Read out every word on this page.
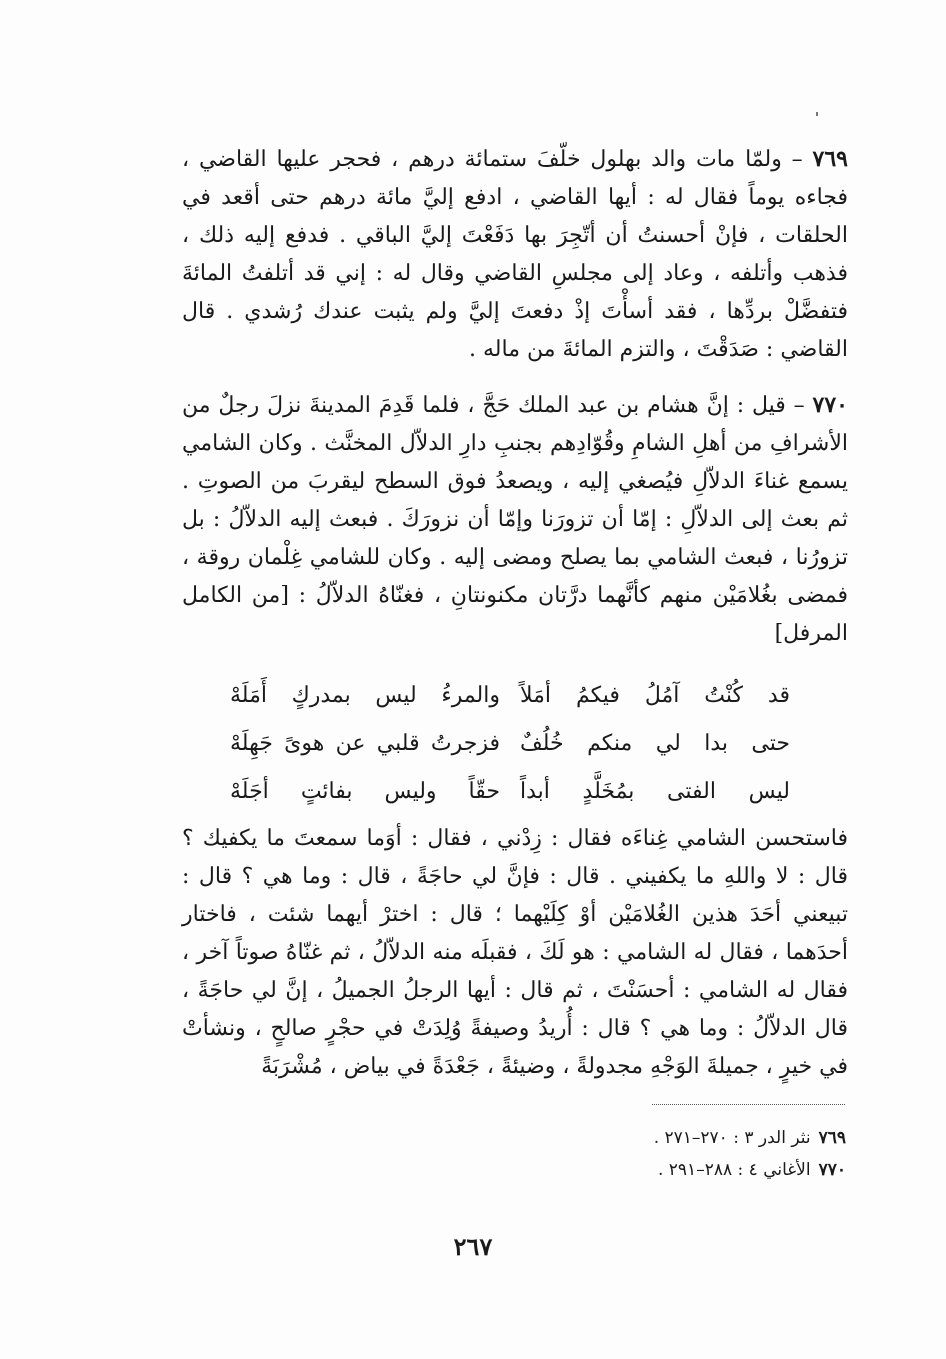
٧٦٩ – ولمّا مات والد بهلول خلّفَ ستمائة درهم ، فحجر عليها القاضي ، فجاءه يوماً فقال له : أيها القاضي ، ادفع إليَّ مائة درهم حتى أقعد في الحلقات ، فإنْ أحسنتُ أن أتّجِرَ بها دَفَعْتَ إليَّ الباقي . فدفع إليه ذلك ، فذهب وأتلفه ، وعاد إلى مجلسِ القاضي وقال له : إني قد أتلفتُ المائةَ فتفضَّلْ بردِّها ، فقد أسأْتَ إذْ دفعتَ إليَّ ولم يثبت عندك رُشدي . قال القاضي : صَدَقْتَ ، والتزم المائةَ من ماله .
٧٧٠ – قيل : إنَّ هشام بن عبد الملك حَجَّ ، فلما قَدِمَ المدينةَ نزلَ رجلٌ من الأشرافِ من أهلِ الشامِ وقُوّادِهم بجنبِ دارِ الدلاّل المخنَّث . وكان الشامي يسمع غناءَ الدلاّلِ فيُصغي إليه ، ويصعدُ فوق السطح ليقربَ من الصوتِ . ثم بعث إلى الدلاّلِ : إمّا أن تزورَنا وإمّا أن نزورَكَ . فبعث إليه الدلاّلُ : بل تزورُنا ، فبعث الشامي بما يصلح ومضى إليه . وكان للشامي غِلْمان روقة ، فمضى بغُلامَيْن منهم كأنَّهما درَّتان مكنونتانِ ، فغنّاهُ الدلاّلُ : [من الكامل المرفل]
قد كُنْتُ آمُلُ فيكمُ أمَلاً
والمرءُ ليس بمدركٍ أَمَلَهْ
حتى بدا لي منكم خُلُفٌ
فزجرتُ قلبي عن هوىً جَهِلَهْ
ليس الفتى بمُخَلَّدٍ أبداً
حقّاً وليس بفائتٍ أجَلَهْ
فاستحسن الشامي غِناءَه فقال : زِدْني ، فقال : أوَما سمعتَ ما يكفيك ؟ قال : لا واللهِ ما يكفيني . قال : فإنَّ لي حاجَةً ، قال : وما هي ؟ قال : تبيعني أحَدَ هذين الغُلامَيْن أوْ كِلَيْهما ؛ قال : اخترْ أيهما شئت ، فاختار أحدَهما ، فقال له الشامي : هو لَكَ ، فقبلَه منه الدلاّلُ ، ثم غنّاهُ صوتاً آخر ، فقال له الشامي : أحسَنْتَ ، ثم قال : أيها الرجلُ الجميلُ ، إنَّ لي حاجَةً ، قال الدلاّلُ : وما هي ؟ قال : أُريدُ وصيفةً وُلِدَتْ في حجْرٍ صالحٍ ، ونشأتْ في خيرٍ ، جميلةَ الوَجْهِ مجدولةً ، وضيئةً ، جَعْدَةً في بياض ، مُشْرَبَةً
٧٦٩نثر الدر ٣ : ٢٧٠–٢٧١ .
٧٧٠الأغاني ٤ : ٢٨٨–٢٩١ .
٢٦٧
